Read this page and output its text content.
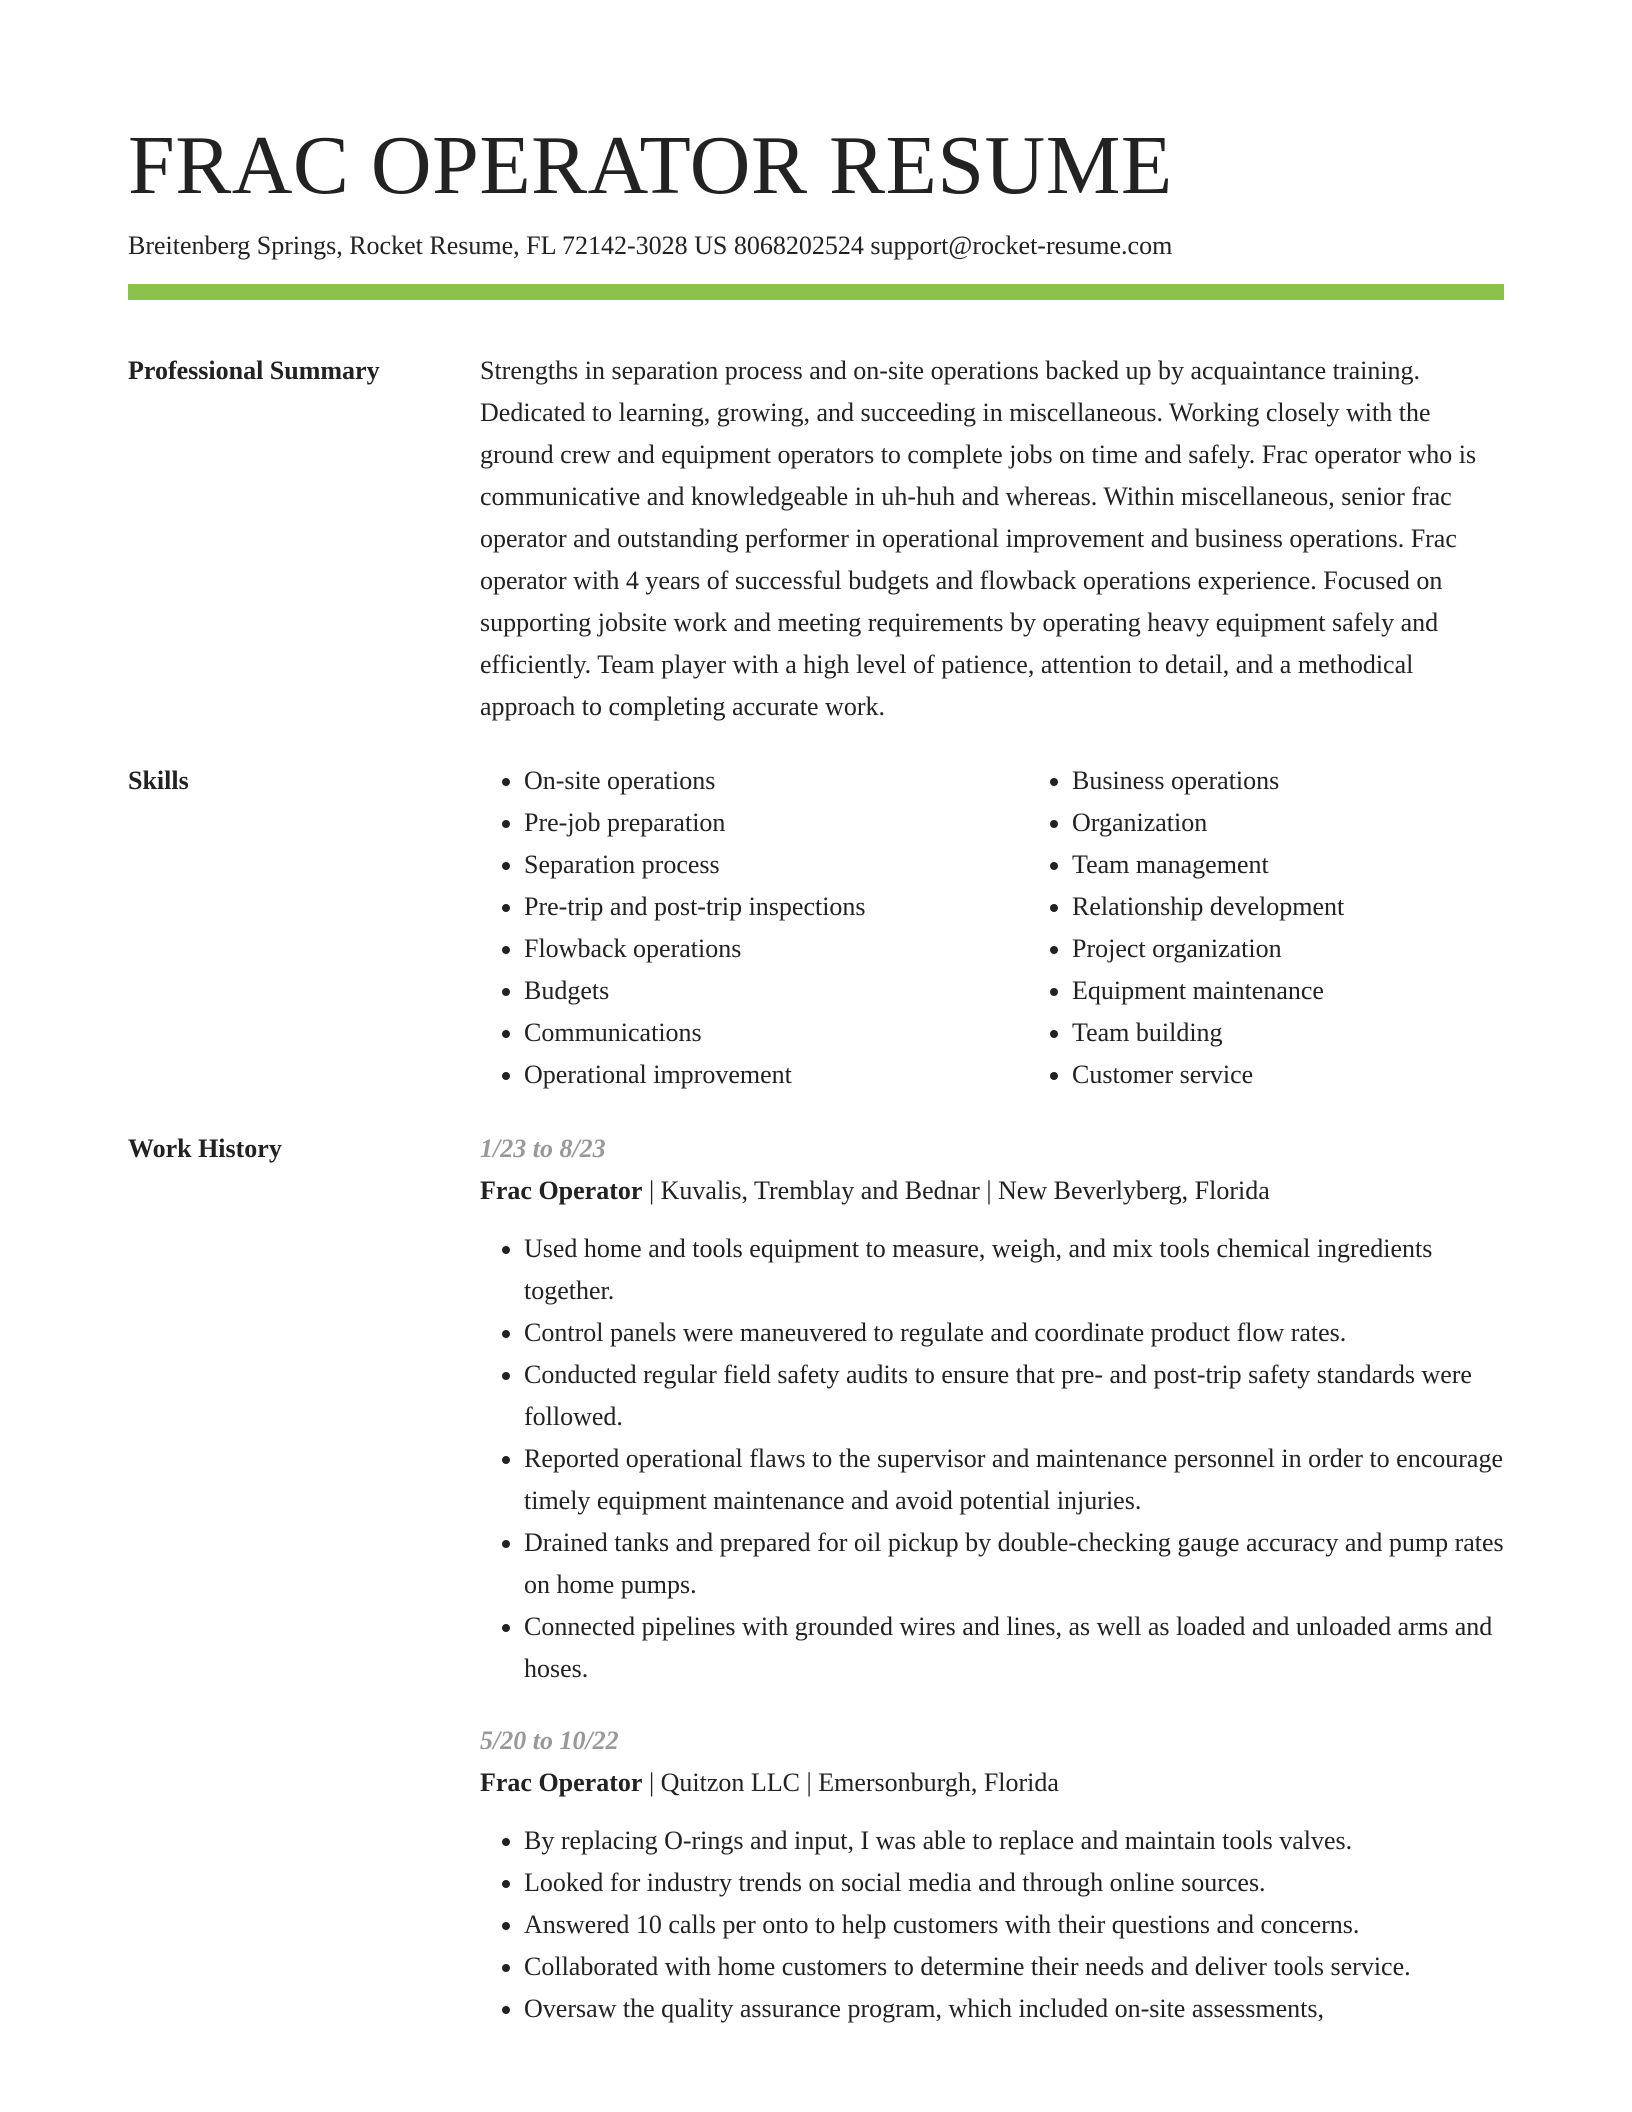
FRAC OPERATOR RESUME
Breitenberg Springs, Rocket Resume, FL 72142-3028 US 8068202524 support@rocket-resume.com
Professional Summary	Strengths in separation process and on-site operations backed up by acquaintance training. Dedicated to learning, growing, and succeeding in miscellaneous. Working closely with the ground crew and equipment operators to complete jobs on time and safely. Frac operator who is communicative and knowledgeable in uh-huh and whereas. Within miscellaneous, senior frac operator and outstanding performer in operational improvement and business operations. Frac operator with 4 years of successful budgets and flowback operations experience. Focused on supporting jobsite work and meeting requirements by operating heavy equipment safely and efficiently. Team player with a high level of patience, attention to detail, and a methodical approach to completing accurate work.
Skills
•	On-site operations
• Pre-job preparation
• Separation process
• Pre-trip and post-trip inspections
• Flowback operations
• Budgets
• Communications
• Operational improvement
• Business operations
• Organization
• Team management
• Relationship development
• Project organization
• Equipment maintenance
• Team building
• Customer service
Work History	1/23 to 8/23
Frac Operator | Kuvalis, Tremblay and Bednar | New Beverlyberg, Florida
• Used home and tools equipment to measure, weigh, and mix tools chemical ingredients together.
• Control panels were maneuvered to regulate and coordinate product flow rates.
• Conducted regular field safety audits to ensure that pre- and post-trip safety standards were followed.
• Reported operational flaws to the supervisor and maintenance personnel in order to encourage timely equipment maintenance and avoid potential injuries.
• Drained tanks and prepared for oil pickup by double-checking gauge accuracy and pump rates on home pumps.
• Connected pipelines with grounded wires and lines, as well as loaded and unloaded arms and hoses.
5/20 to 10/22
Frac Operator | Quitzon LLC | Emersonburgh, Florida
• By replacing O-rings and input, I was able to replace and maintain tools valves.
• Looked for industry trends on social media and through online sources.
• Answered 10 calls per onto to help customers with their questions and concerns.
• Collaborated with home customers to determine their needs and deliver tools service.
• Oversaw the quality assurance program, which included on-site assessments,
